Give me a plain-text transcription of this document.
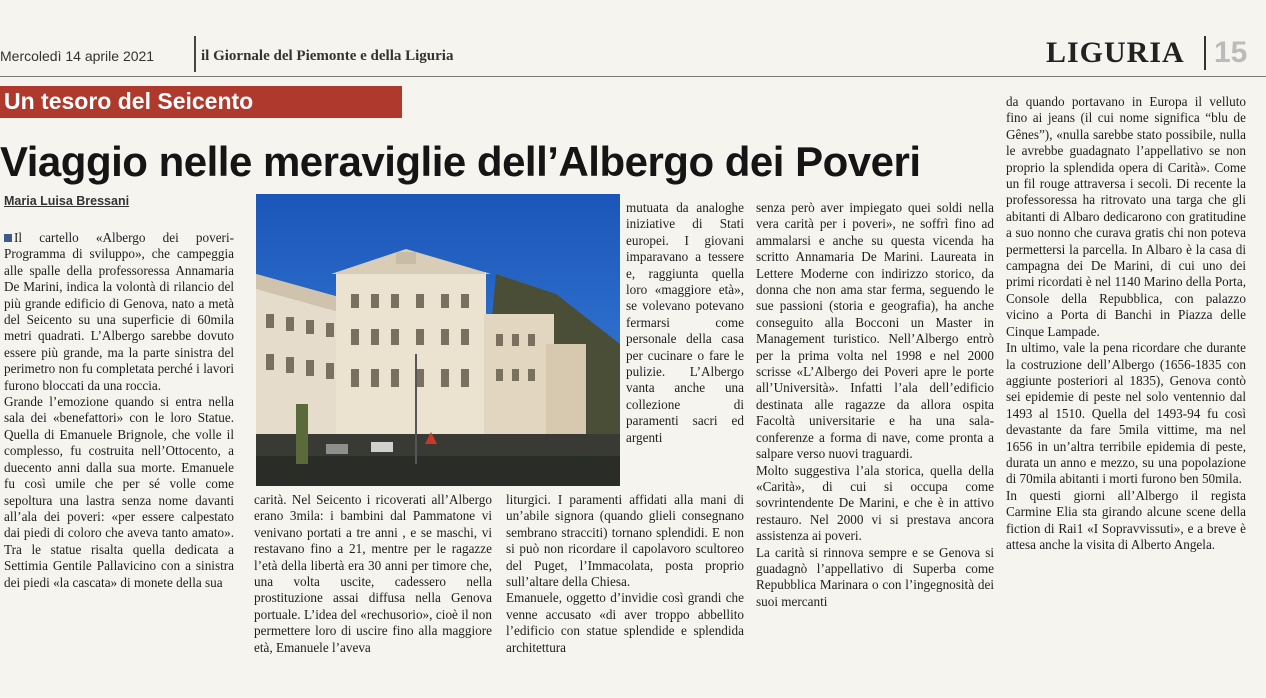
Mercoledì 14 aprile 2021	il Giornale del Piemonte e della Liguria	LIGURIA 15
Un tesoro del Seicento
Viaggio nelle meraviglie dell’Albergo dei Poveri
Maria Luisa Bressani

Il cartello «Albergo dei poveri-Programma di sviluppo», che campeggia alle spalle della professoressa Annamaria De Marini, indica la volontà di rilancio del più grande edificio di Genova, nato a metà del Seicento su una superficie di 60mila metri quadrati. L’Albergo sarebbe dovuto essere più grande, ma la parte sinistra del perimetro non fu completata perché i lavori furono bloccati da una roccia.

Grande l’emozione quando si entra nella sala dei «benefattori» con le loro Statue. Quella di Emanuele Brignole, che volle il complesso, fu costruita nell’Ottocento, a duecento anni dalla sua morte. Emanuele fu così umile che per sé volle come sepoltura una lastra senza nome davanti all’ala dei poveri: «per essere calpestato dai piedi di coloro che aveva tanto amato». Tra le statue risalta quella dedicata a Settimia Gentile Pallavicino con a sinistra dei piedi «la cascata» di monete della sua

carità. Nel Seicento i ricoverati all’Albergo erano 3mila: i bambini dal Pammatone vi venivano portati a tre anni , e se maschi, vi restavano fino a 21, mentre per le ragazze l’età della libertà era 30 anni per timore che, una volta uscite, cadessero nella prostituzione assai diffusa nella Genova portuale. L’idea del «rechusorio», cioè il non permettere loro di uscire fino alla maggiore età, Emanuele l’aveva

mutuata da analoghe iniziative di Stati europei. I giovani imparavano a tessere e, raggiunta quella loro «maggiore età», se volevano potevano fermarsi come personale della casa per cucinare o fare le pulizie. L’Albergo vanta anche una collezione di paramenti sacri ed argenti

liturgici. I paramenti affidati alla mani di un’abile signora (quando glieli consegnano sembrano stracciti) tornano splendidi. E non si può non ricordare il capolavoro scultoreo del Puget, l’Immacolata, posta proprio sull’altare della Chiesa.

Emanuele, oggetto d’invidie così grandi che venne accusato «di aver troppo abbellito l’edificio con statue splendide e splendida architettura

senza però aver impiegato quei soldi nella vera carità per i poveri», ne soffrì fino ad ammalarsi e anche su questa vicenda ha scritto Annamaria De Marini. Laureata in Lettere Moderne con indirizzo storico, da donna che non ama star ferma, seguendo le sue passioni (storia e geografia), ha anche conseguito alla Bocconi un Master in Management turistico. Nell’Albergo entrò per la prima volta nel 1998 e nel 2000 scrisse «L’Albergo dei Poveri apre le porte all’Università». Infatti l’ala dell’edificio destinata alle ragazze da allora ospita Facoltà universitarie e ha una sala-conferenze a forma di nave, come pronta a salpare verso nuovi traguardi.

Molto suggestiva l’ala storica, quella della «Carità», di cui si occupa come sovrintendente De Marini, e che è in attivo restauro. Nel 2000 vi si prestava ancora assistenza ai poveri.

La carità si rinnova sempre e se Genova si guadagnò l’appellativo di Superba come Repubblica Marinara o con l’ingegnosità dei suoi mercanti

da quando portavano in Europa il velluto fino ai jeans (il cui nome significa “blu de Gênes”), «nulla sarebbe stato possibile, nulla le avrebbe guadagnato l’appellativo se non proprio la splendida opera di Carità». Come un fil rouge attraversa i secoli. Di recente la professoressa ha ritrovato una targa che gli abitanti di Albaro dedicarono con gratitudine a suo nonno che curava gratis chi non poteva permettersi la parcella. In Albaro è la casa di campagna dei De Marini, di cui uno dei primi ricordati è nel 1140 Marino della Porta, Console della Repubblica, con palazzo vicino a Porta di Banchi in Piazza delle Cinque Lampade.

In ultimo, vale la pena ricordare che durante la costruzione dell’Albergo (1656-1835 con aggiunte posteriori al 1835), Genova contò sei epidemie di peste nel solo ventennio dal 1493 al 1510. Quella del 1493-94 fu così devastante da fare 5mila vittime, ma nel 1656 in un’altra terribile epidemia di peste, durata un anno e mezzo, su una popolazione di 70mila abitanti i morti furono ben 50mila.

In questi giorni all’Albergo il regista Carmine Elia sta girando alcune scene della fiction di Rai1 «I Sopravvissuti», e a breve è attesa anche la visita di Alberto Angela.
